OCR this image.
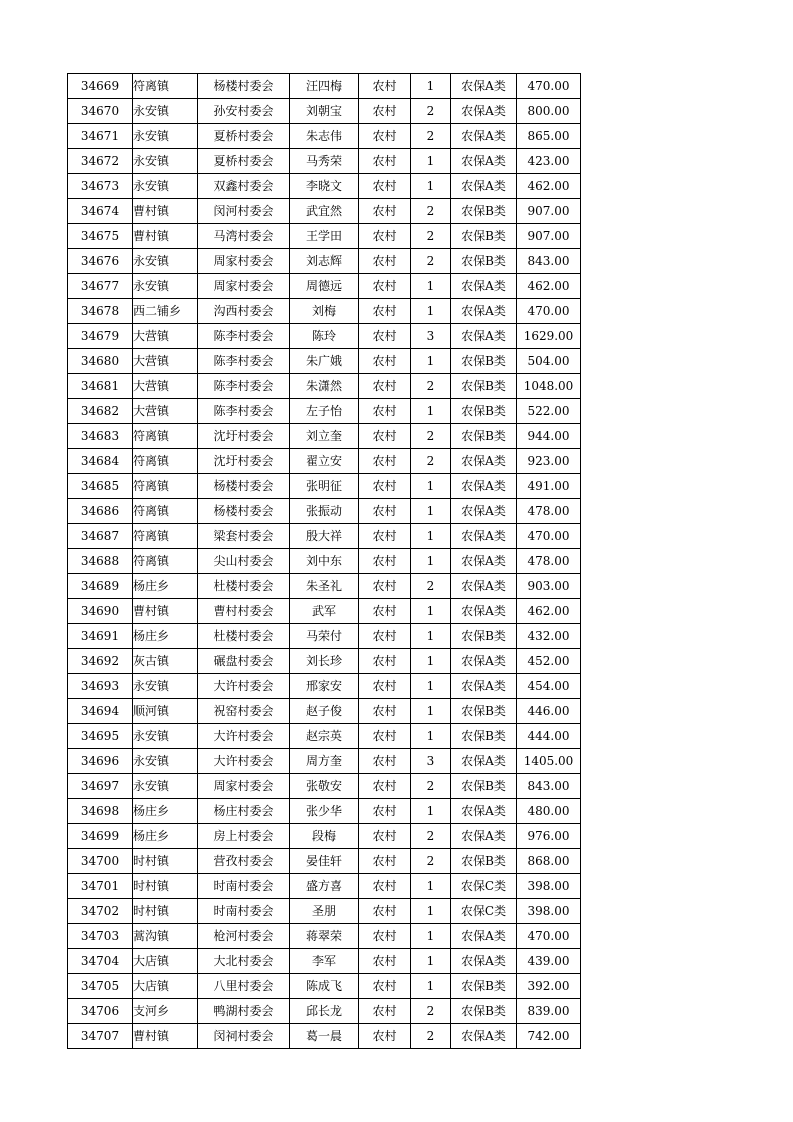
34669	符离镇	杨楼村委会	汪四梅	农村	1	农保A类	470.00
34670	永安镇	孙安村委会	刘朝宝	农村	2	农保A类	800.00
34671	永安镇	夏桥村委会	朱志伟	农村	2	农保A类	865.00
34672	永安镇	夏桥村委会	马秀荣	农村	1	农保A类	423.00
34673	永安镇	双鑫村委会	李晓文	农村	1	农保A类	462.00
34674	曹村镇	闵河村委会	武宜然	农村	2	农保B类	907.00
34675	曹村镇	马湾村委会	王学田	农村	2	农保B类	907.00
34676	永安镇	周家村委会	刘志辉	农村	2	农保B类	843.00
34677	永安镇	周家村委会	周德远	农村	1	农保A类	462.00
34678	西二铺乡	沟西村委会	刘梅	农村	1	农保A类	470.00
34679	大营镇	陈李村委会	陈玲	农村	3	农保A类	1629.00
34680	大营镇	陈李村委会	朱广娥	农村	1	农保B类	504.00
34681	大营镇	陈李村委会	朱潇然	农村	2	农保B类	1048.00
34682	大营镇	陈李村委会	左子怡	农村	1	农保B类	522.00
34683	符离镇	沈圩村委会	刘立奎	农村	2	农保B类	944.00
34684	符离镇	沈圩村委会	翟立安	农村	2	农保A类	923.00
34685	符离镇	杨楼村委会	张明征	农村	1	农保A类	491.00
34686	符离镇	杨楼村委会	张振动	农村	1	农保A类	478.00
34687	符离镇	梁套村委会	殷大祥	农村	1	农保A类	470.00
34688	符离镇	尖山村委会	刘中东	农村	1	农保A类	478.00
34689	杨庄乡	杜楼村委会	朱圣礼	农村	2	农保A类	903.00
34690	曹村镇	曹村村委会	武军	农村	1	农保A类	462.00
34691	杨庄乡	杜楼村委会	马荣付	农村	1	农保B类	432.00
34692	灰古镇	碾盘村委会	刘长珍	农村	1	农保A类	452.00
34693	永安镇	大许村委会	邢家安	农村	1	农保A类	454.00
34694	顺河镇	祝窑村委会	赵子俊	农村	1	农保B类	446.00
34695	永安镇	大许村委会	赵宗英	农村	1	农保B类	444.00
34696	永安镇	大许村委会	周方奎	农村	3	农保A类	1405.00
34697	永安镇	周家村委会	张敬安	农村	2	农保B类	843.00
34698	杨庄乡	杨庄村委会	张少华	农村	1	农保A类	480.00
34699	杨庄乡	房上村委会	段梅	农村	2	农保A类	976.00
34700	时村镇	营孜村委会	晏佳轩	农村	2	农保B类	868.00
34701	时村镇	时南村委会	盛方喜	农村	1	农保C类	398.00
34702	时村镇	时南村委会	圣朋	农村	1	农保C类	398.00
34703	蒿沟镇	枪河村委会	蒋翠荣	农村	1	农保A类	470.00
34704	大店镇	大北村委会	李军	农村	1	农保A类	439.00
34705	大店镇	八里村委会	陈成飞	农村	1	农保B类	392.00
34706	支河乡	鸭湖村委会	邱长龙	农村	2	农保B类	839.00
34707	曹村镇	闵祠村委会	葛一晨	农村	2	农保A类	742.00
